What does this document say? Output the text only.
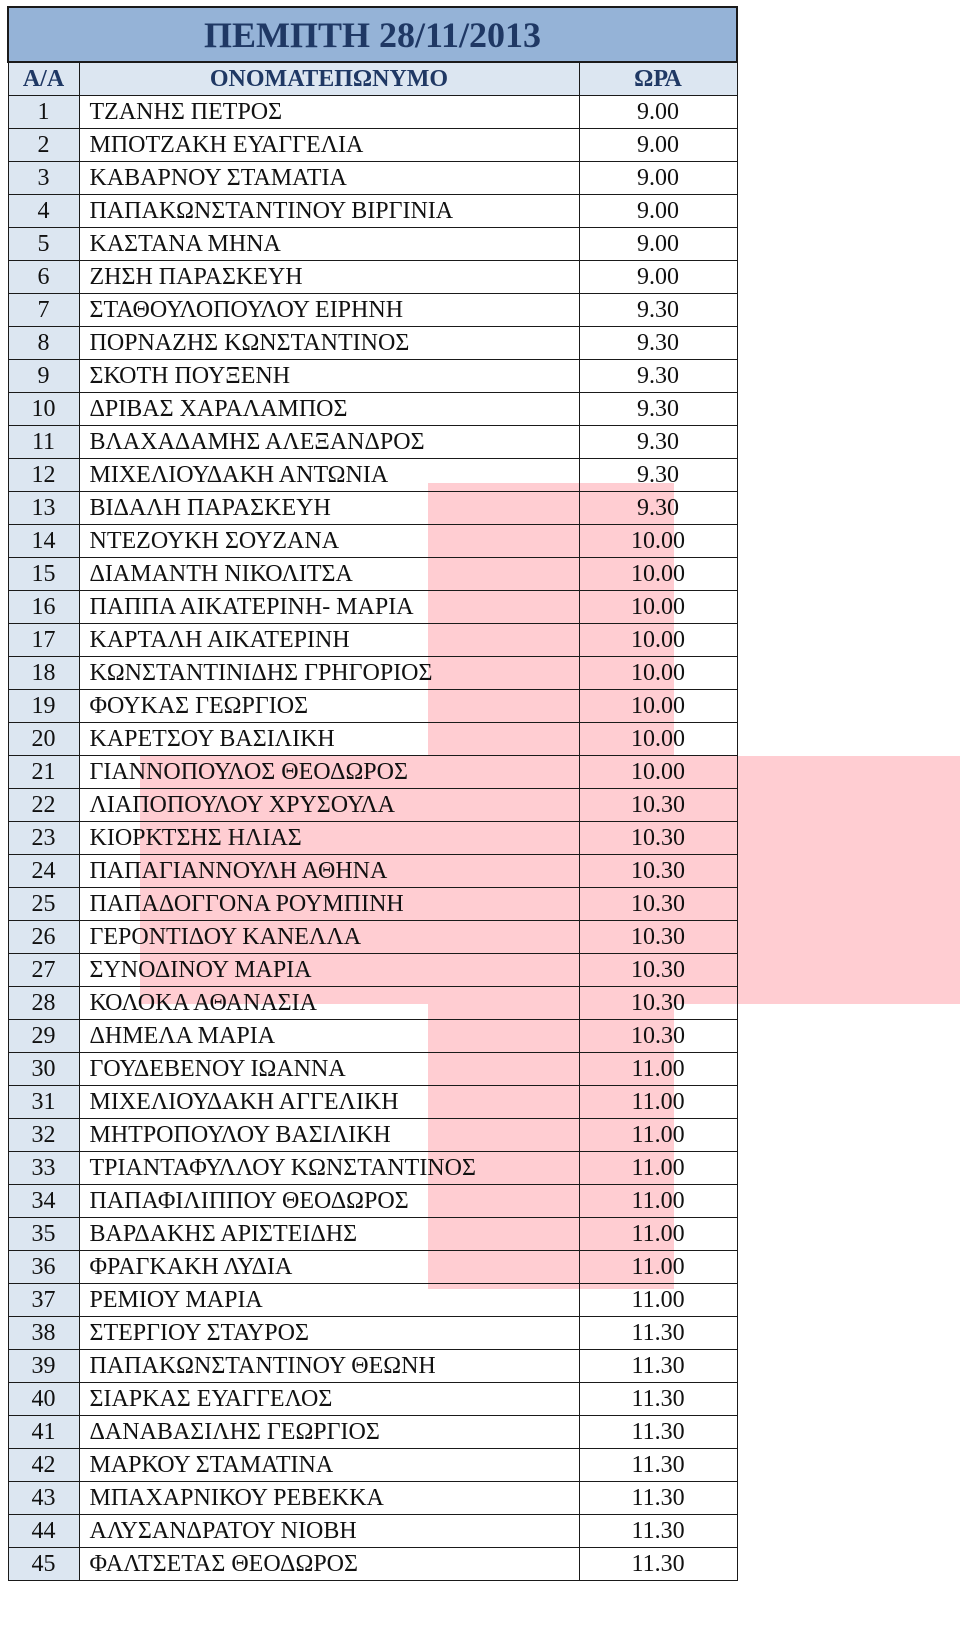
ΠΕΜΠΤΗ 28/11/2013		
Α/Α	ΟΝΟΜΑΤΕΠΩΝΥΜΟ	ΩΡΑ
1	ΤΖΑΝΗΣ ΠΕΤΡΟΣ	9.00
2	ΜΠΟΤΖΑΚΗ ΕΥΑΓΓΕΛΙΑ	9.00
3	ΚΑΒΑΡΝΟΥ ΣΤΑΜΑΤΙΑ	9.00
4	ΠΑΠΑΚΩΝΣΤΑΝΤΙΝΟΥ ΒΙΡΓΙΝΙΑ	9.00
5	ΚΑΣΤΑΝΑ ΜΗΝΑ	9.00
6	ΖΗΣΗ ΠΑΡΑΣΚΕΥΗ	9.00
7	ΣΤΑΘΟΥΛΟΠΟΥΛΟΥ ΕΙΡΗΝΗ	9.30
8	ΠΟΡΝΑΖΗΣ ΚΩΝΣΤΑΝΤΙΝΟΣ	9.30
9	ΣΚΟΤΗ ΠΟΥΞΕΝΗ	9.30
10	ΔΡΙΒΑΣ ΧΑΡΑΛΑΜΠΟΣ	9.30
11	ΒΛΑΧΑΔΑΜΗΣ ΑΛΕΞΑΝΔΡΟΣ	9.30
12	ΜΙΧΕΛΙΟΥΔΑΚΗ ΑΝΤΩΝΙΑ	9.30
13	ΒΙΔΑΛΗ ΠΑΡΑΣΚΕΥΗ	9.30
14	ΝΤΕΖΟΥΚΗ ΣΟΥΖΑΝΑ	10.00
15	ΔΙΑΜΑΝΤΗ ΝΙΚΟΛΙΤΣΑ	10.00
16	ΠΑΠΠΑ ΑΙΚΑΤΕΡΙΝΗ- ΜΑΡΙΑ	10.00
17	ΚΑΡΤΑΛΗ ΑΙΚΑΤΕΡΙΝΗ	10.00
18	ΚΩΝΣΤΑΝΤΙΝΙΔΗΣ ΓΡΗΓΟΡΙΟΣ	10.00
19	ΦΟΥΚΑΣ ΓΕΩΡΓΙΟΣ	10.00
20	ΚΑΡΕΤΣΟΥ ΒΑΣΙΛΙΚΗ	10.00
21	ΓΙΑΝΝΟΠΟΥΛΟΣ ΘΕΟΔΩΡΟΣ	10.00
22	ΛΙΑΠΟΠΟΥΛΟΥ ΧΡΥΣΟΥΛΑ	10.30
23	ΚΙΟΡΚΤΣΗΣ ΗΛΙΑΣ	10.30
24	ΠΑΠΑΓΙΑΝΝΟΥΛΗ ΑΘΗΝΑ	10.30
25	ΠΑΠΑΔΟΓΓΟΝΑ ΡΟΥΜΠΙΝΗ	10.30
26	ΓΕΡΟΝΤΙΔΟΥ ΚΑΝΕΛΛΑ	10.30
27	ΣΥΝΟΔΙΝΟΥ ΜΑΡΙΑ	10.30
28	ΚΟΛΟΚΑ ΑΘΑΝΑΣΙΑ	10.30
29	ΔΗΜΕΛΑ ΜΑΡΙΑ	10.30
30	ΓΟΥΔΕΒΕΝΟΥ ΙΩΑΝΝΑ	11.00
31	ΜΙΧΕΛΙΟΥΔΑΚΗ ΑΓΓΕΛΙΚΗ	11.00
32	ΜΗΤΡΟΠΟΥΛΟΥ ΒΑΣΙΛΙΚΗ	11.00
33	ΤΡΙΑΝΤΑΦΥΛΛΟΥ ΚΩΝΣΤΑΝΤΙΝΟΣ	11.00
34	ΠΑΠΑΦΙΛΙΠΠΟΥ ΘΕΟΔΩΡΟΣ	11.00
35	ΒΑΡΔΑΚΗΣ ΑΡΙΣΤΕΙΔΗΣ	11.00
36	ΦΡΑΓΚΑΚΗ ΛΥΔΙΑ	11.00
37	ΡΕΜΙΟΥ ΜΑΡΙΑ	11.00
38	ΣΤΕΡΓΙΟΥ ΣΤΑΥΡΟΣ	11.30
39	ΠΑΠΑΚΩΝΣΤΑΝΤΙΝΟΥ ΘΕΩΝΗ	11.30
40	ΣΙΑΡΚΑΣ ΕΥΑΓΓΕΛΟΣ	11.30
41	ΔΑΝΑΒΑΣΙΛΗΣ ΓΕΩΡΓΙΟΣ	11.30
42	ΜΑΡΚΟΥ ΣΤΑΜΑΤΙΝΑ	11.30
43	ΜΠΑΧΑΡΝΙΚΟΥ ΡΕΒΕΚΚΑ	11.30
44	ΑΛΥΣΑΝΔΡΑΤΟΥ ΝΙΟΒΗ	11.30
45	ΦΑΛΤΣΕΤΑΣ ΘΕΟΔΩΡΟΣ	11.30
